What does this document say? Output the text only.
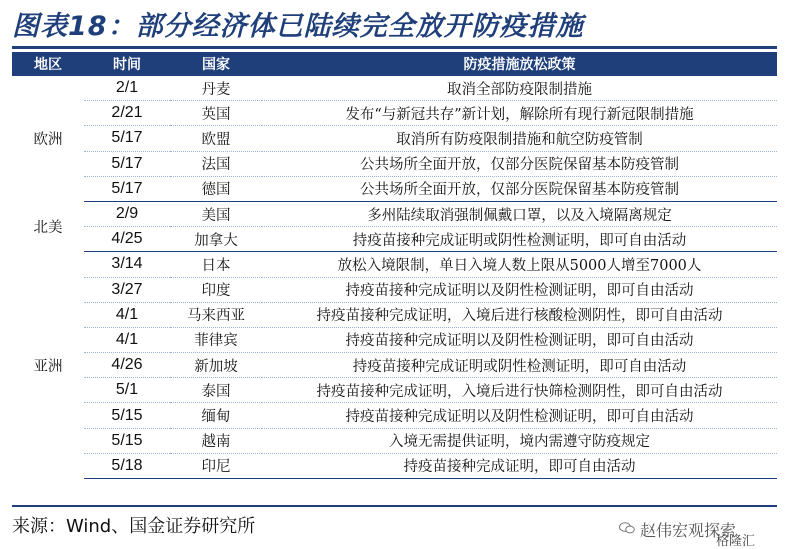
图表18：部分经济体已陆续完全放开防疫措施
地区	时间	国家	防疫措施放松政策
欧洲	2/1	丹麦	取消全部防疫限制措施
	2/21	英国	发布“与新冠共存”新计划，解除所有现行新冠限制措施
	5/17	欧盟	取消所有防疫限制措施和航空防疫管制
	5/17	法国	公共场所全面开放，仅部分医院保留基本防疫管制
	5/17	德国	公共场所全面开放，仅部分医院保留基本防疫管制
北美	2/9	美国	多州陆续取消强制佩戴口罩，以及入境隔离规定
	4/25	加拿大	持疫苗接种完成证明或阴性检测证明，即可自由活动
亚洲	3/14	日本	放松入境限制，单日入境人数上限从5000人增至7000人
	3/27	印度	持疫苗接种完成证明以及阴性检测证明，即可自由活动
	4/1	马来西亚	持疫苗接种完成证明，入境后进行核酸检测阴性，即可自由活动
	4/1	菲律宾	持疫苗接种完成证明以及阴性检测证明，即可自由活动
	4/26	新加坡	持疫苗接种完成证明或阴性检测证明，即可自由活动
	5/1	泰国	持疫苗接种完成证明，入境后进行快筛检测阴性，即可自由活动
	5/15	缅甸	持疫苗接种完成证明以及阴性检测证明，即可自由活动
	5/15	越南	入境无需提供证明，境内需遵守防疫规定
	5/18	印尼	持疫苗接种完成证明，即可自由活动
来源：Wind、国金证券研究所	赵伟宏观探索
格隆汇
